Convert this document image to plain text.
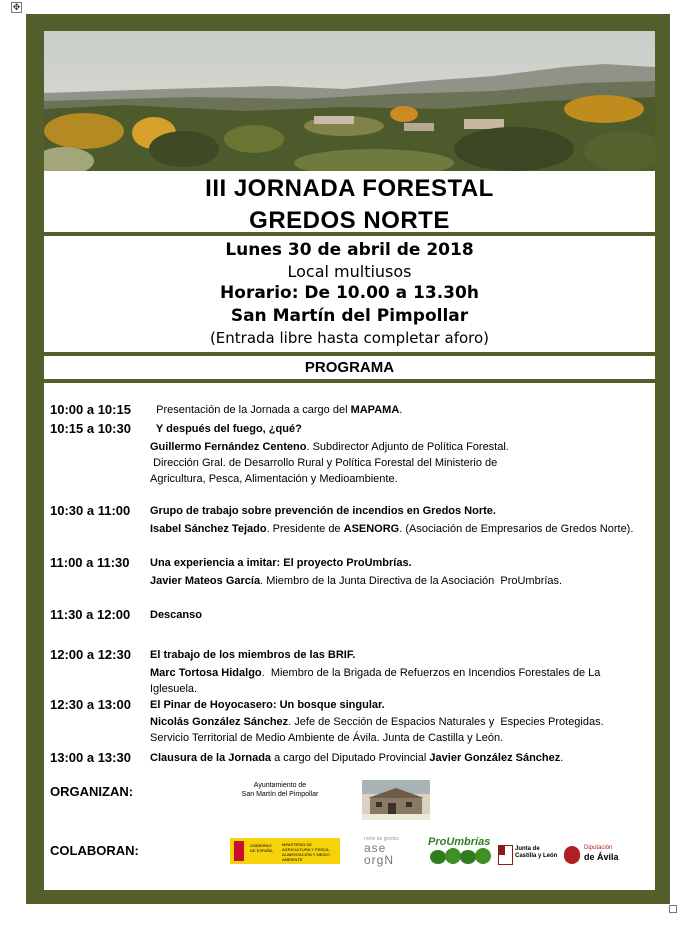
✥
III JORNADA FORESTAL
GREDOS NORTE
Lunes 30 de abril de 2018
Local multiusos
Horario: De 10.00 a 13.30h
San Martín del Pimpollar
(Entrada libre hasta completar aforo)
PROGRAMA
10:00 a 10:15 Presentación de la Jornada a cargo del MAPAMA.
10:15 a 10:30 Y después del fuego, ¿qué?
Guillermo Fernández Centeno. Subdirector Adjunto de Política Forestal.
Dirección Gral. de Desarrollo Rural y Política Forestal del Ministerio de Agricultura, Pesca, Alimentación y Medioambiente.
10:30 a 11:00 Grupo de trabajo sobre prevención de incendios en Gredos Norte.
Isabel Sánchez Tejado. Presidente de ASENORG. (Asociación de Empresarios de Gredos Norte).
11:00 a 11:30 Una experiencia a imitar: El proyecto ProUmbrías.
Javier Mateos García. Miembro de la Junta Directiva de la Asociación  ProUmbrías.
11:30 a 12:00 Descanso
12:00 a 12:30 El trabajo de los miembros de las BRIF.
Marc Tortosa Hidalgo.  Miembro de la Brigada de Refuerzos en Incendios Forestales de La Iglesuela.
12:30 a 13:00 El Pinar de Hoyocasero: Un bosque singular.
Nicolás González Sánchez. Jefe de Sección de Espacios Naturales y  Especies Protegidas.
Servicio Territorial de Medio Ambiente de Ávila. Junta de Castilla y León.
13:00 a 13:30 Clausura de la Jornada a cargo del Diputado Provincial Javier González Sánchez.
ORGANIZAN:	Ayuntamiento de
San Martín del Pimpollar
COLABORAN:	GOBIERNO DE ESPAÑA
MINISTERIO DE AGRICULTURA Y PESCA, ALIMENTACIÓN Y MEDIO AMBIENTE
norte de gredos
ase
orgN
ProUmbrías
Junta de
Castilla y León
Diputación
de Ávila
